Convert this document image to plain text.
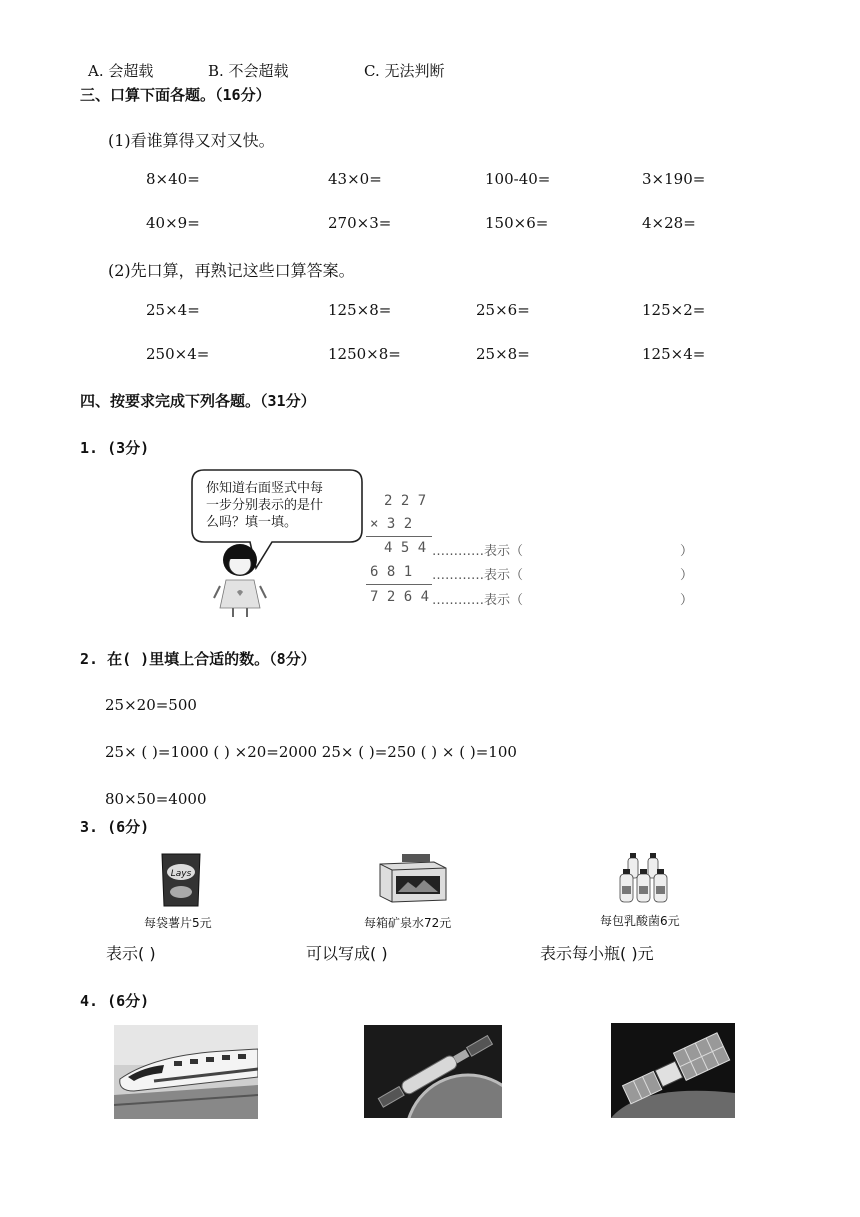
A. 会超载	B. 不会超载	C. 无法判断
三、口算下面各题。（16分）
(1)看谁算得又对又快。
8×40=	43×0=	100-40=	3×190=
40×9=	270×3=	150×6=	4×28=
(2)先口算，再熟记这些口算答案。
25×4=	125×8=	25×6=	125×2=
250×4=	1250×8=	25×8=	125×4=
四、按要求完成下列各题。（31分）
1. (3分)
你知道右面竖式中每
一步分别表示的是什
么吗？填一填。
2 2 7
× 3 2
4 5 4 …………表示（	）
6 8 1 …………表示（	）
7 2 6 4 …………表示（	）
2. 在( )里填上合适的数。（8分）
25×20=500
25× ( )=1000 ( ) ×20=2000 25× ( )=250 ( ) × ( )=100
80×50=4000
3. (6分)
Lays
每袋薯片5元
表示( )
每箱矿泉水72元
可以写成( )
每包乳酸菌6元
表示每小瓶( )元
4. (6分)
